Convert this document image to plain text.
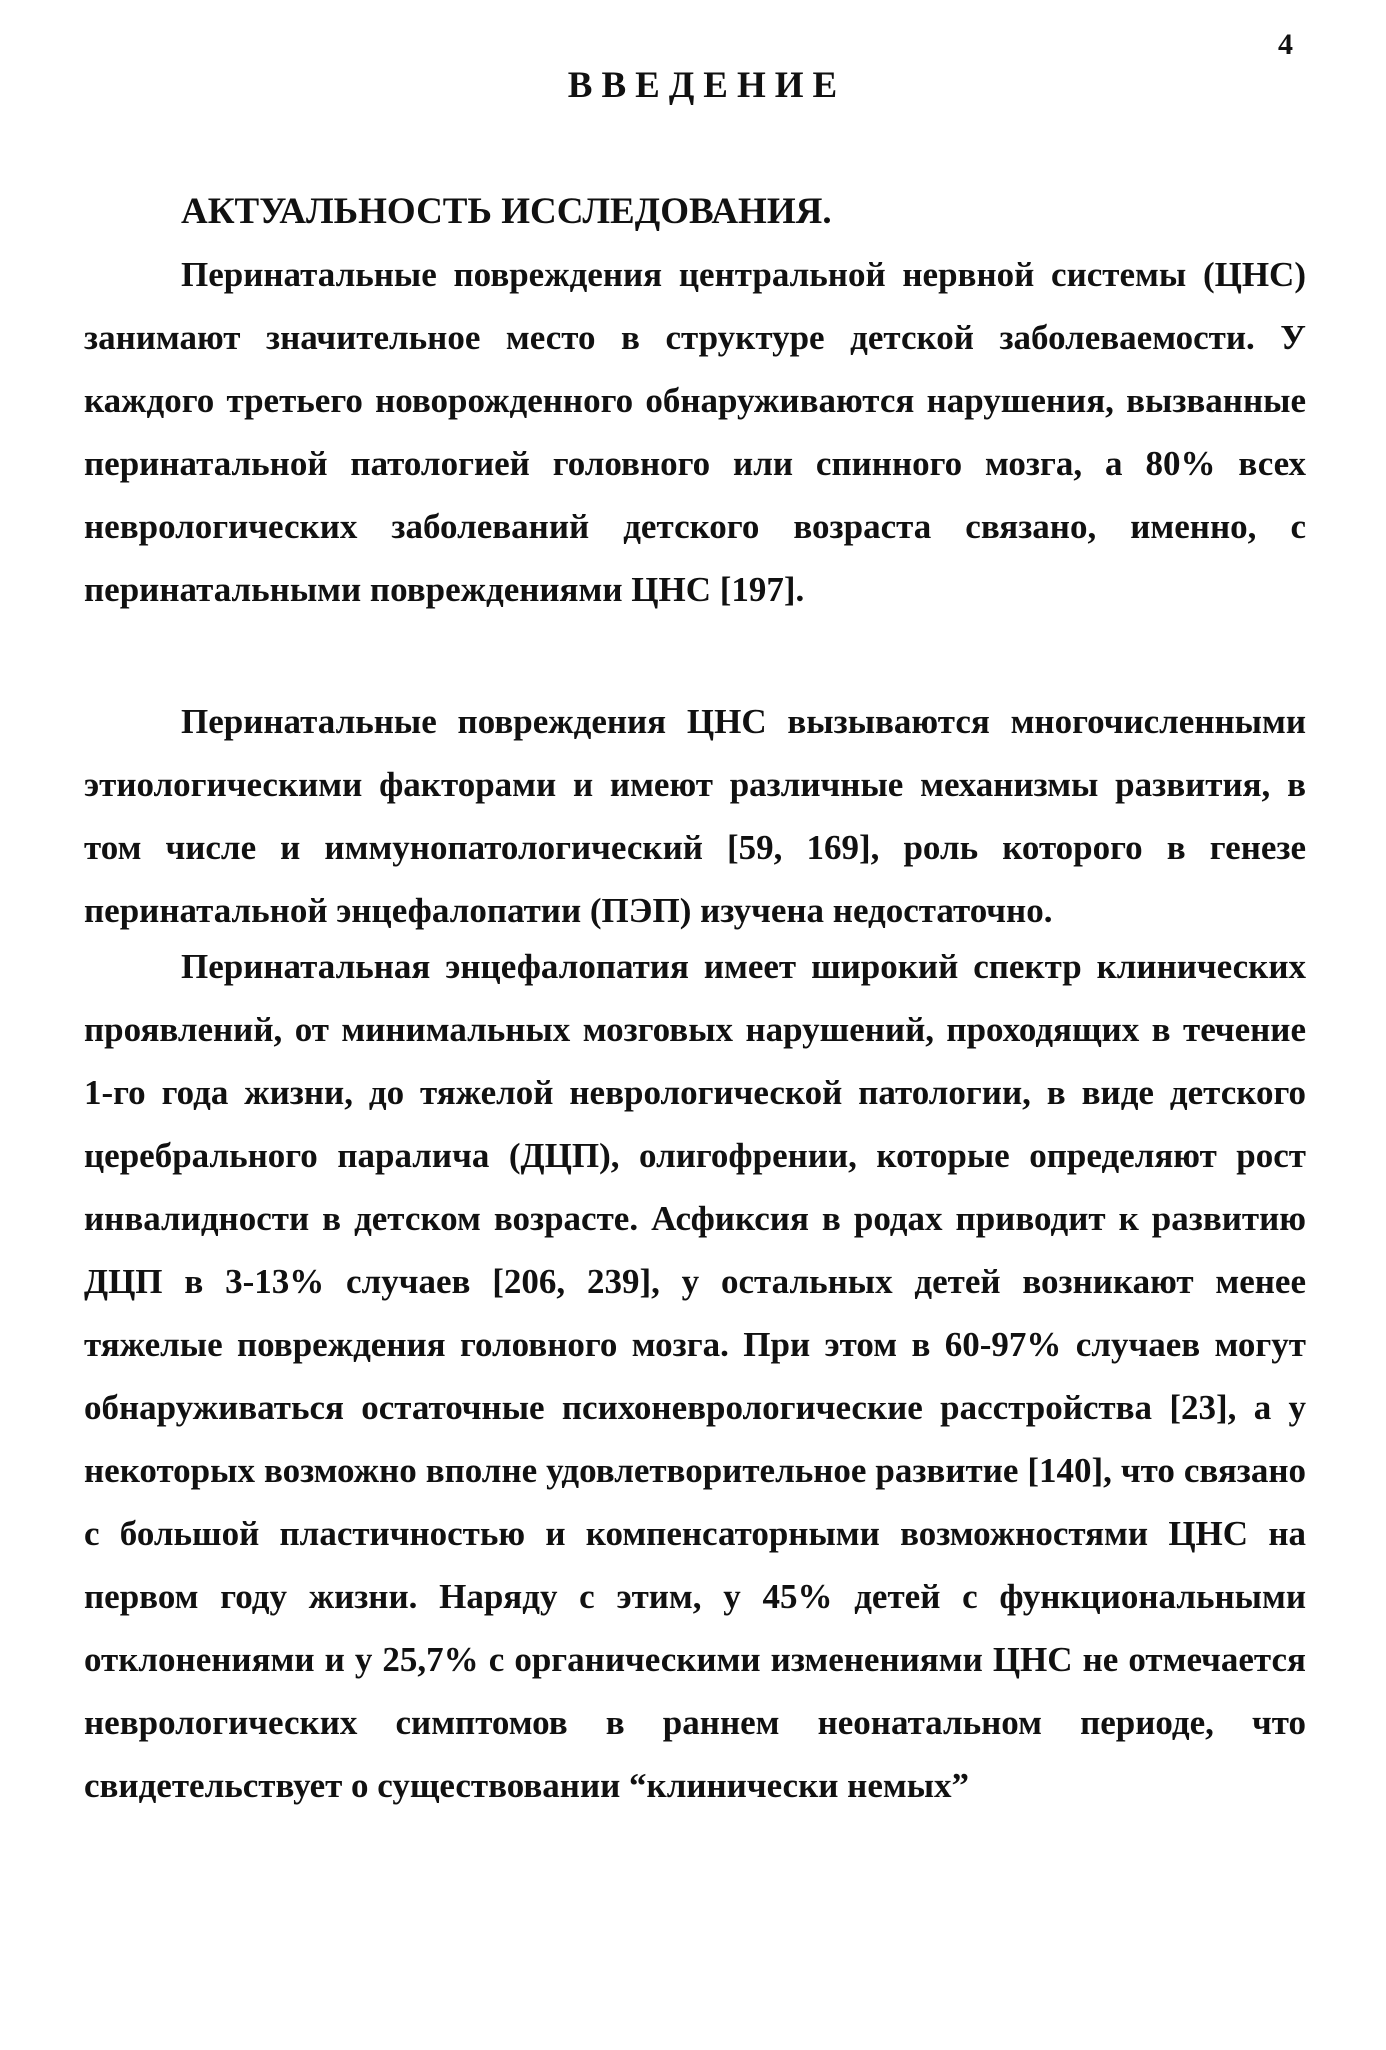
4
ВВЕДЕНИЕ
АКТУАЛЬНОСТЬ ИССЛЕДОВАНИЯ.

Перинатальные повреждения центральной нервной системы (ЦНС) занимают значительное место в структуре детской заболеваемости. У каждого третьего новорожденного обнаруживаются нарушения, вызванные перинатальной патологией головного или спинного мозга, а 80% всех неврологических заболеваний детского возраста связано, именно, с перинатальными повреждениями ЦНС [197].

Перинатальные повреждения ЦНС вызываются многочисленными этиологическими факторами и имеют различные механизмы развития, в том числе и иммунопатологический [59, 169], роль которого в генезе перинатальной энцефалопатии (ПЭП) изучена недостаточно.

Перинатальная энцефалопатия имеет широкий спектр клинических проявлений, от минимальных мозговых нарушений, проходящих в течение 1-го года жизни, до тяжелой неврологической патологии, в виде детского церебрального паралича (ДЦП), олигофрении, которые определяют рост инвалидности в детском возрасте. Асфиксия в родах приводит к развитию ДЦП в 3-13% случаев [206, 239], у остальных детей возникают менее тяжелые повреждения головного мозга. При этом в 60-97% случаев могут обнаруживаться остаточные психоневрологические расстройства [23], а у некоторых возможно вполне удовлетворительное развитие [140], что связано с большой пластичностью и компенсаторными возможностями ЦНС на первом году жизни. Наряду с этим, у 45% детей с функциональными отклонениями и у 25,7% с органическими изменениями ЦНС не отмечается неврологических симптомов в раннем неонатальном периоде, что свидетельствует о существовании “клинически немых”
